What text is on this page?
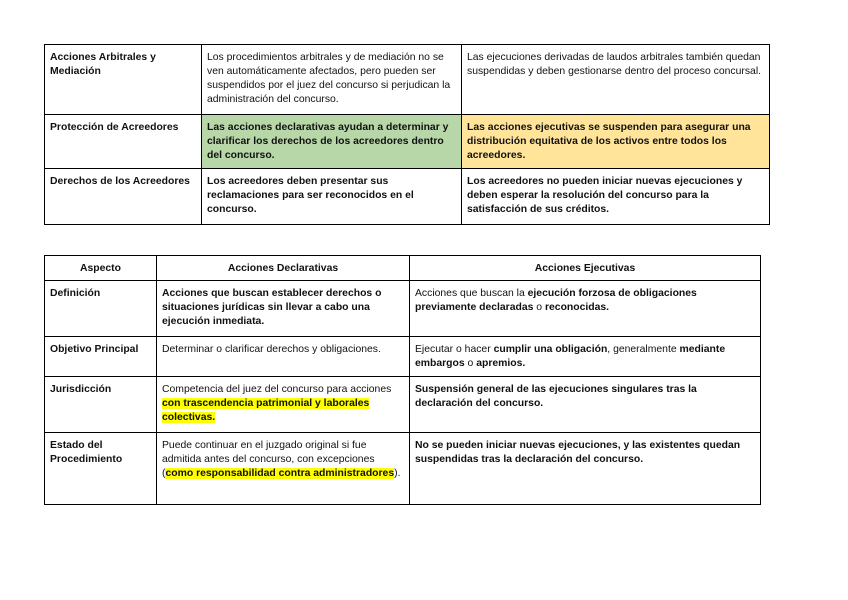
Acciones Arbitrales y Mediación	Los procedimientos arbitrales y de mediación no se ven automáticamente afectados, pero pueden ser suspendidos por el juez del concurso si perjudican la administración del concurso.	Las ejecuciones derivadas de laudos arbitrales también quedan suspendidas y deben gestionarse dentro del proceso concursal.
Protección de Acreedores	Las acciones declarativas ayudan a determinar y clarificar los derechos de los acreedores dentro del concurso.	Las acciones ejecutivas se suspenden para asegurar una distribución equitativa de los activos entre todos los acreedores.
Derechos de los Acreedores	Los acreedores deben presentar sus reclamaciones para ser reconocidos en el concurso.	Los acreedores no pueden iniciar nuevas ejecuciones y deben esperar la resolución del concurso para la satisfacción de sus créditos.
Aspecto	Acciones Declarativas	Acciones Ejecutivas
Definición	Acciones que buscan establecer derechos o situaciones jurídicas sin llevar a cabo una ejecución inmediata.	Acciones que buscan la ejecución forzosa de obligaciones previamente declaradas o reconocidas.
Objetivo Principal	Determinar o clarificar derechos y obligaciones.	Ejecutar o hacer cumplir una obligación, generalmente mediante embargos o apremios.
Jurisdicción	Competencia del juez del concurso para acciones con trascendencia patrimonial y laborales colectivas.	Suspensión general de las ejecuciones singulares tras la declaración del concurso.
Estado del Procedimiento	Puede continuar en el juzgado original si fue admitida antes del concurso, con excepciones (como responsabilidad contra administradores).	No se pueden iniciar nuevas ejecuciones, y las existentes quedan suspendidas tras la declaración del concurso.
